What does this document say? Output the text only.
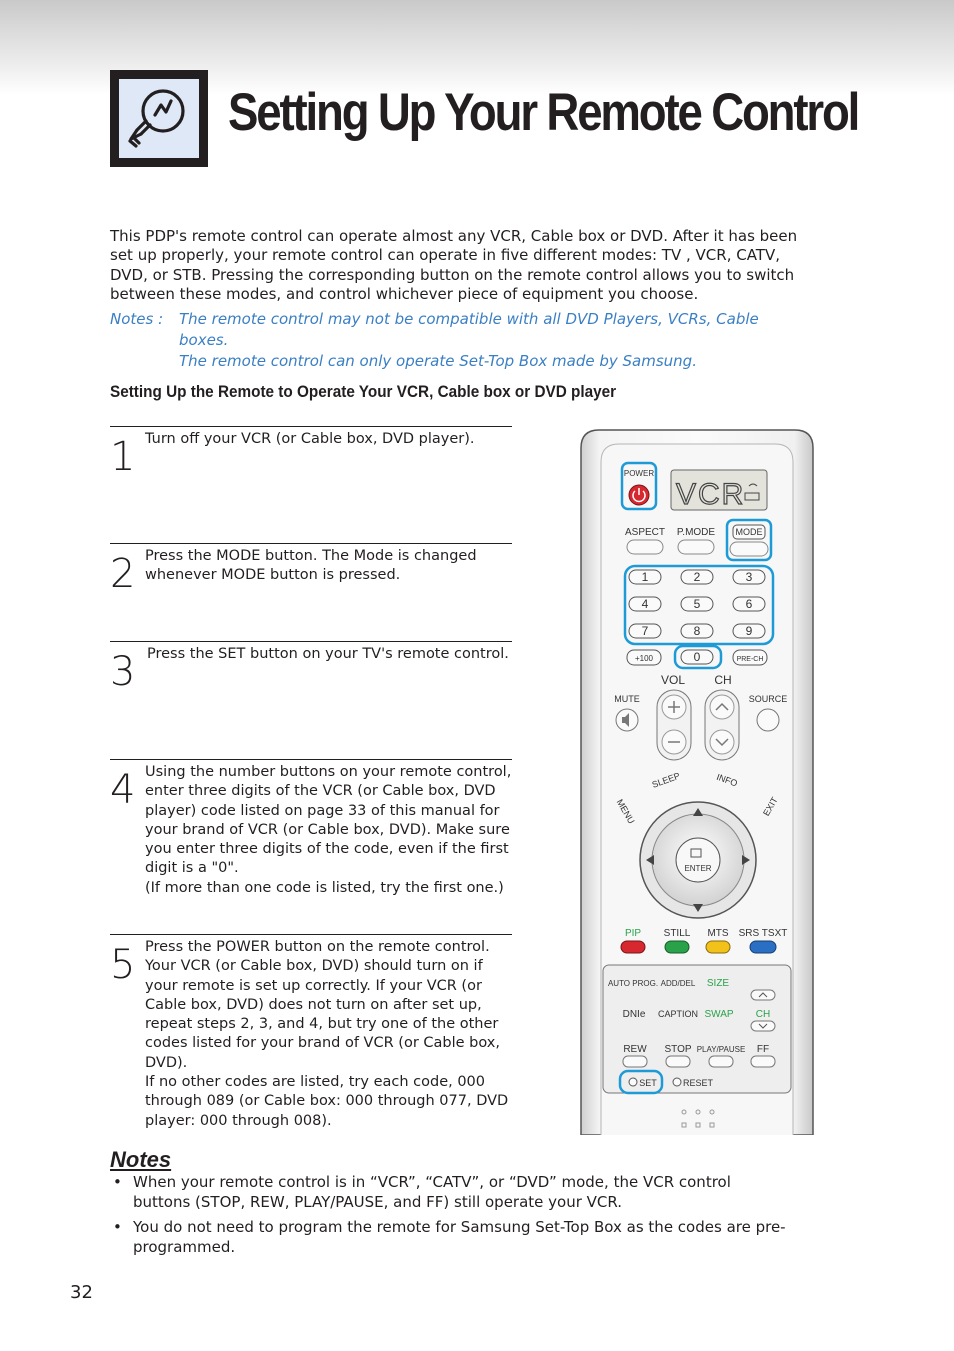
Setting Up Your Remote Control
This PDP's remote control can operate almost any VCR, Cable box or DVD. After it has been set up properly, your remote control can operate in five different modes: TV , VCR, CATV, DVD, or STB. Pressing the corresponding button on the remote control allows you to switch between these modes, and control whichever piece of equipment you choose.
Notes :	The remote control may not be compatible with all DVD Players, VCRs, Cable boxes.
The remote control can only operate Set-Top Box made by Samsung.
Setting Up the Remote to Operate Your VCR, Cable box or DVD player
1 Turn off your VCR (or Cable box, DVD player).

2 Press the MODE button. The Mode is changed whenever MODE button is pressed.

3 Press the SET button on your TV's remote control.

4 Using the number buttons on your remote control, enter three digits of the VCR (or Cable box, DVD player) code listed on page 33 of this manual for your brand of VCR (or Cable box, DVD). Make sure you enter three digits of the code, even if the first digit is a "0".

(If more than one code is listed, try the first one.)

5 Press the POWER button on the remote control.

Your VCR (or Cable box, DVD) should turn on if your remote is set up correctly. If your VCR (or Cable box, DVD) does not turn on after set up, repeat steps 2, 3, and 4, but try one of the other codes listed for your brand of VCR (or Cable box, DVD).

If no other codes are listed, try each code, 000 through 089 (or Cable box: 000 through 077, DVD player: 000 through 008).

POWER
VCR
ASPECT P.MODE MODE
1	2	3
4	5	6
7	8	9
+100	0	PRE-CH
VOL CH
MUTE	SOURCE
SLEEP	INFO
MENU	EXIT
ENTER
PIP STILL MTS SRS TSXT
AUTO PROG. ADD/DEL SIZE
DNIe CAPTION SWAP CH
REW STOP PLAY/PAUSE FF
SET	RESET
Notes
• When your remote control is in “VCR”, “CATV”, or “DVD” mode, the VCR control buttons (STOP, REW, PLAY/PAUSE, and FF) still operate your VCR.
• You do not need to program the remote for Samsung Set-Top Box as the codes are pre-programmed.
32
